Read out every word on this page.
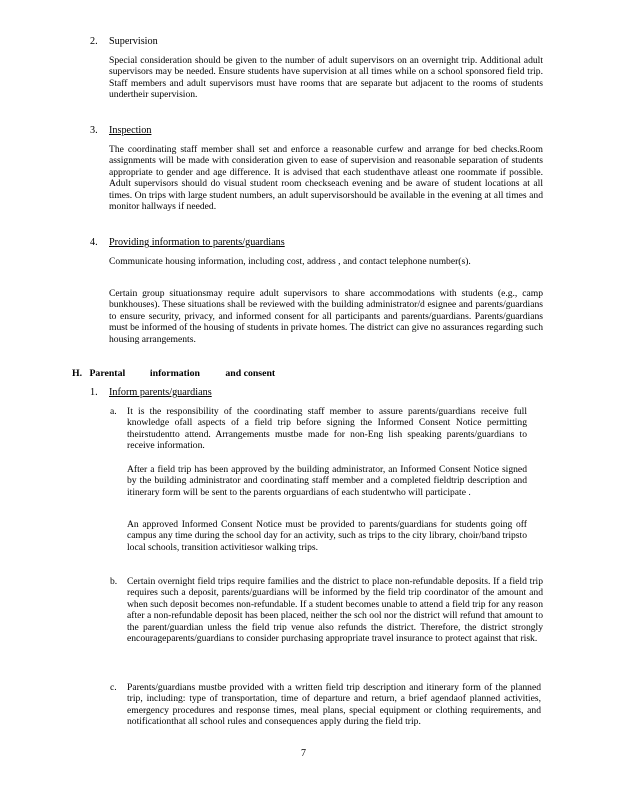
2. Supervision

Special consideration should be given to the number of adult supervisors on an overnight trip. Additional adult supervisors may be needed. Ensure students have supervision at all times while on a school sponsored field trip. Staff members and adult supervisors must have rooms that are separate but adjacent to the rooms of students undertheir supervision.

3. Inspection

The coordinating staff member shall set and enforce a reasonable curfew and arrange for bed checks.Room assignments will be made with consideration given to ease of supervision and reasonable separation of students appropriate to gender and age difference. It is advised that each studenthave atleast one roommate if possible. Adult supervisors should do visual student room checkseach evening and be aware of student locations at all times. On trips with large student numbers, an adult supervisorshould be available in the evening at all times and monitor hallways if needed.

4. Providing information to parents/guardians

Communicate housing information, including cost, address , and contact telephone number(s).

Certain group situationsmay require adult supervisors to share accommodations with students (e.g., camp bunkhouses). These situations shall be reviewed with the building administrator/d esignee and parents/guardians to ensure security, privacy, and informed consent for all participants and parents/guardians. Parents/guardians must be informed of the housing of students in private homes. The district can give no assurances regarding such housing arrangements.

H. Parental	information	and consent
1. Inform parents/guardians
a. It is the responsibility of the coordinating staff member to assure parents/guardians receive full knowledge ofall aspects of a field trip before signing the Informed Consent Notice permitting theirstudentto attend. Arrangements mustbe made for non-Eng lish speaking parents/guardians to receive information.

After a field trip has been approved by the building administrator, an Informed Consent Notice signed by the building administrator and coordinating staff member and a completed fieldtrip description and itinerary form will be sent to the parents orguardians of each studentwho will participate .

An approved Informed Consent Notice must be provided to parents/guardians for students going off campus any time during the school day for an activity, such as trips to the city library, choir/band tripsto local schools, transition activitiesor walking trips.

b. Certain overnight field trips require families and the district to place non-refundable deposits. If a field trip requires such a deposit, parents/guardians will be informed by the field trip coordinator of the amount and when such deposit becomes non-refundable. If a student becomes unable to attend a field trip for any reason after a non-refundable deposit has been placed, neither the sch ool nor the district will refund that amount to the parent/guardian unless the field trip venue also refunds the district. Therefore, the district strongly encourageparents/guardians to consider purchasing appropriate travel insurance to protect against that risk.

c. Parents/guardians mustbe provided with a written field trip description and itinerary form of the planned trip, including: type of transportation, time of departure and return, a brief agendaof planned activities, emergency procedures and response times, meal plans, special equipment or clothing requirements, and notificationthat all school rules and consequences apply during the field trip.

7
